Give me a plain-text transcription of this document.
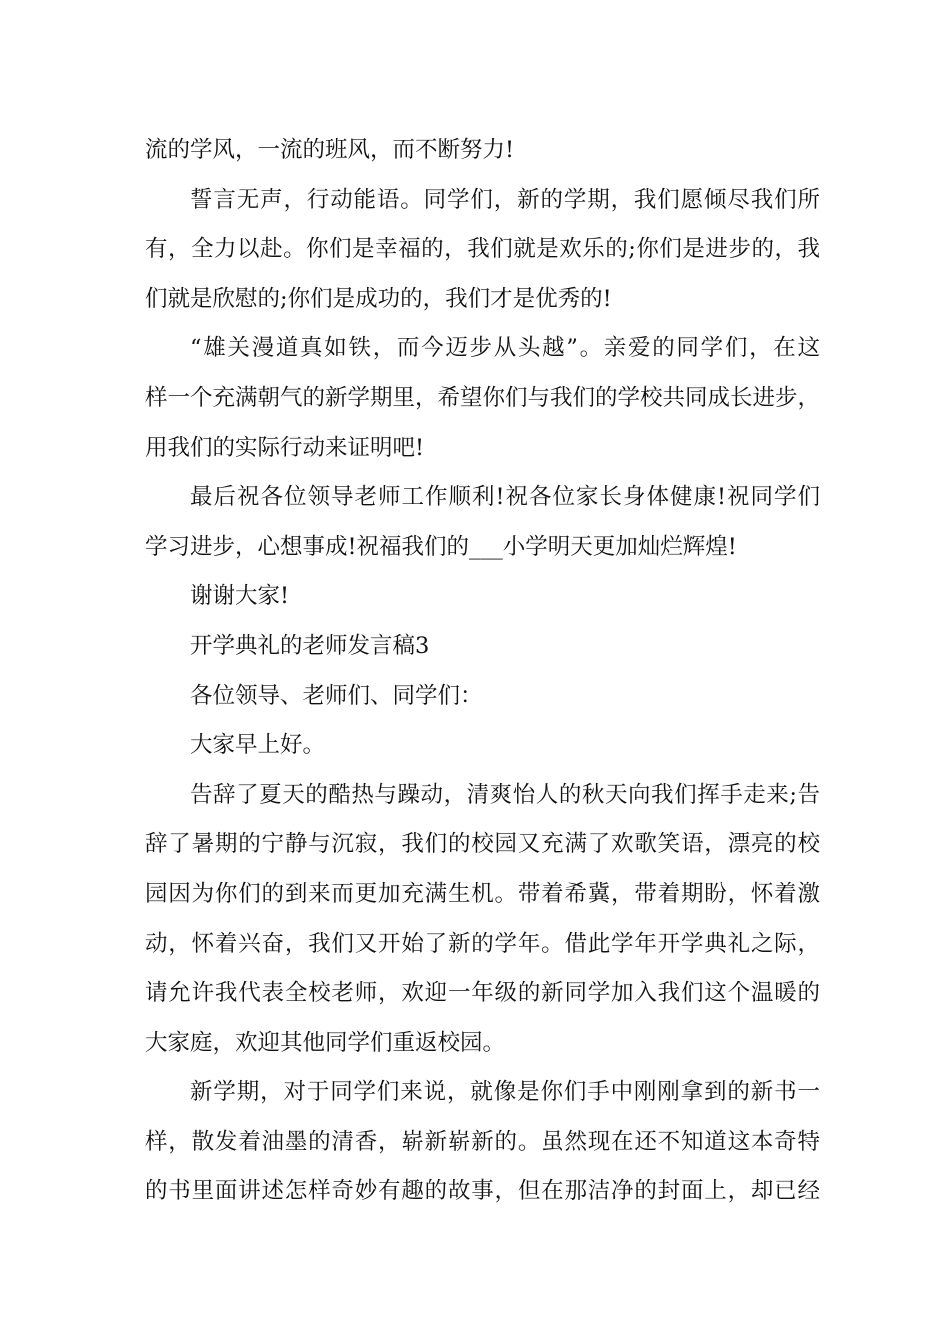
流的学风，一流的班风，而不断努力!
誓言无声，行动能语。同学们，新的学期，我们愿倾尽我们所
有，全力以赴。你们是幸福的，我们就是欢乐的;你们是进步的，我
们就是欣慰的;你们是成功的，我们才是优秀的!
“雄关漫道真如铁，而今迈步从头越”。亲爱的同学们，在这
样一个充满朝气的新学期里，希望你们与我们的学校共同成长进步，
用我们的实际行动来证明吧!
最后祝各位领导老师工作顺利!祝各位家长身体健康!祝同学们
学习进步，心想事成!祝福我们的___小学明天更加灿烂辉煌!
谢谢大家!
开学典礼的老师发言稿3
各位领导、老师们、同学们：
大家早上好。
告辞了夏天的酷热与躁动，清爽怡人的秋天向我们挥手走来;告
辞了暑期的宁静与沉寂，我们的校园又充满了欢歌笑语，漂亮的校
园因为你们的到来而更加充满生机。带着希冀，带着期盼，怀着激
动，怀着兴奋，我们又开始了新的学年。借此学年开学典礼之际，
请允许我代表全校老师，欢迎一年级的新同学加入我们这个温暖的
大家庭，欢迎其他同学们重返校园。
新学期，对于同学们来说，就像是你们手中刚刚拿到的新书一
样，散发着油墨的清香，崭新崭新的。虽然现在还不知道这本奇特
的书里面讲述怎样奇妙有趣的故事，但在那洁净的封面上，却已经
